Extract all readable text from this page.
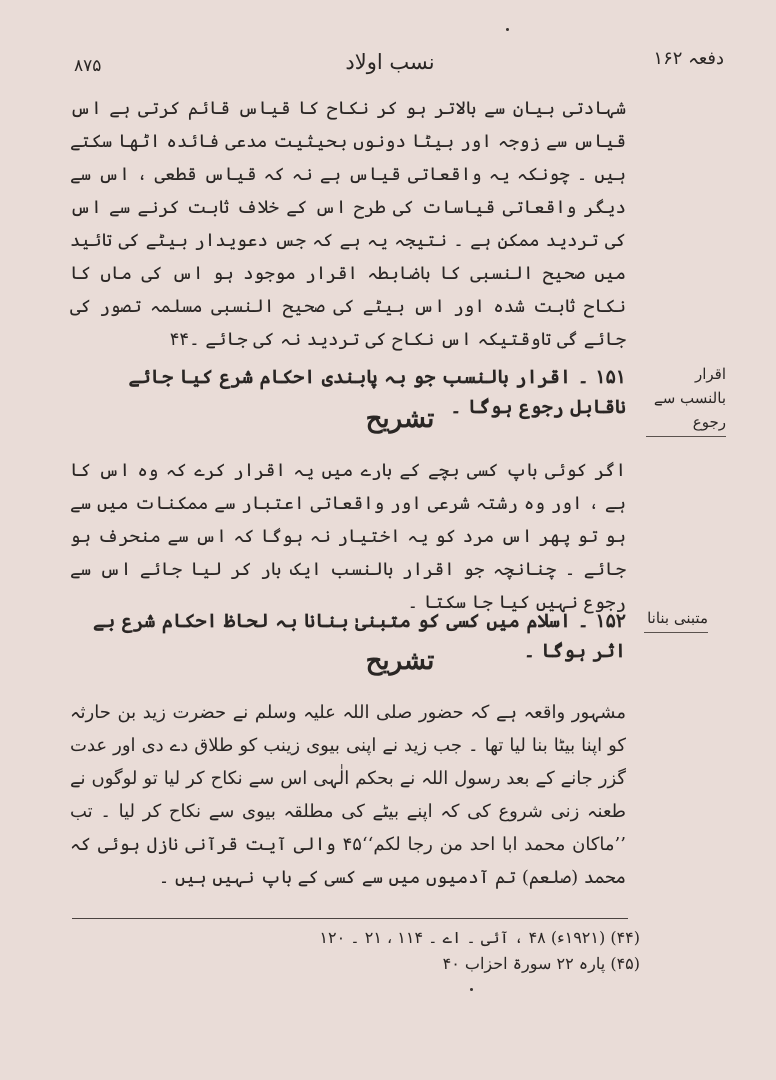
۸۷۵	نسب اولاد	دفعہ ۱۶۲

شہادتی بیان سے بالاتر ہو کر نکاح کا قیاس قائم کرتی ہے اس قیاس سے زوجہ اور بیٹا دونوں بحیثیت مدعی فائدہ اٹھا سکتے ہیں ۔ چونکہ یہ واقعاتی قیاس ہے نہ کہ قیاس قطعی ، اس سے دیگر واقعاتی قیاسات کی طرح اس کے خلاف ثابت کرنے سے اس کی تردید ممکن ہے ۔ نتیجہ یہ ہے کہ جس دعویدار بیٹے کی تائید میں صحیح النسبی کا باضابطہ اقرار موجود ہو اس کی ماں کا نکاح ثابت شدہ اور اس بیٹے کی صحیح النسبی مسلمہ تصور کی جائے گی تاوقتیکہ اس نکاح کی تردید نہ کی جائے ۔۴۴

۱۵۱ ۔ اقرار بالنسب جو بہ پابندی احکام شرع کیا جائے ناقابل رجوع ہوگا ۔
اقرار بالنسب سے رجوع
تشریح

اگر کوئی باپ کسی بچے کے بارے میں یہ اقرار کرے کہ وہ اس کا ہے ، اور وہ رشتہ شرعی اور واقعاتی اعتبار سے ممکنات میں سے ہو تو پھر اس مرد کو یہ اختیار نہ ہوگا کہ اس سے منحرف ہو جائے ۔ چنانچہ جو اقرار بالنسب ایک بار کر لیا جائے اس سے رجوع نہیں کیا جا سکتا ۔

۱۵۲ ۔ اسلام میں کسی کو متبنیٰ بنانا بہ لحاظ احکام شرع بے اثر ہوگا ۔
متبنی بنانا
تشریح

مشہور واقعہ ہے کہ حضور صلی اللہ علیہ وسلم نے حضرت زید بن حارثہ کو اپنا بیٹا بنا لیا تھا ۔ جب زید نے اپنی بیوی زینب کو طلاق دے دی اور عدت گزر جانے کے بعد رسول اللہ نے بحکم الٰہی اس سے نکاح کر لیا تو لوگوں نے طعنہ زنی شروع کی کہ اپنے بیٹے کی مطلقہ بیوی سے نکاح کر لیا ۔ تب ’’ماکان محمد ابا احد من رجا لکم‘‘۴۵ والی آیت قرآنی نازل ہوئی کہ محمد (صلعم) تم آدمیوں میں سے کسی کے باپ نہیں ہیں ۔

(۴۴) (۱۹۲۱ء) ۴۸ ، آئی ۔ اے ۔ ۱۱۴ ، ۲۱ ۔ ۱۲۰
(۴۵) پارہ ۲۲ سورۃ احزاب ۴۰
